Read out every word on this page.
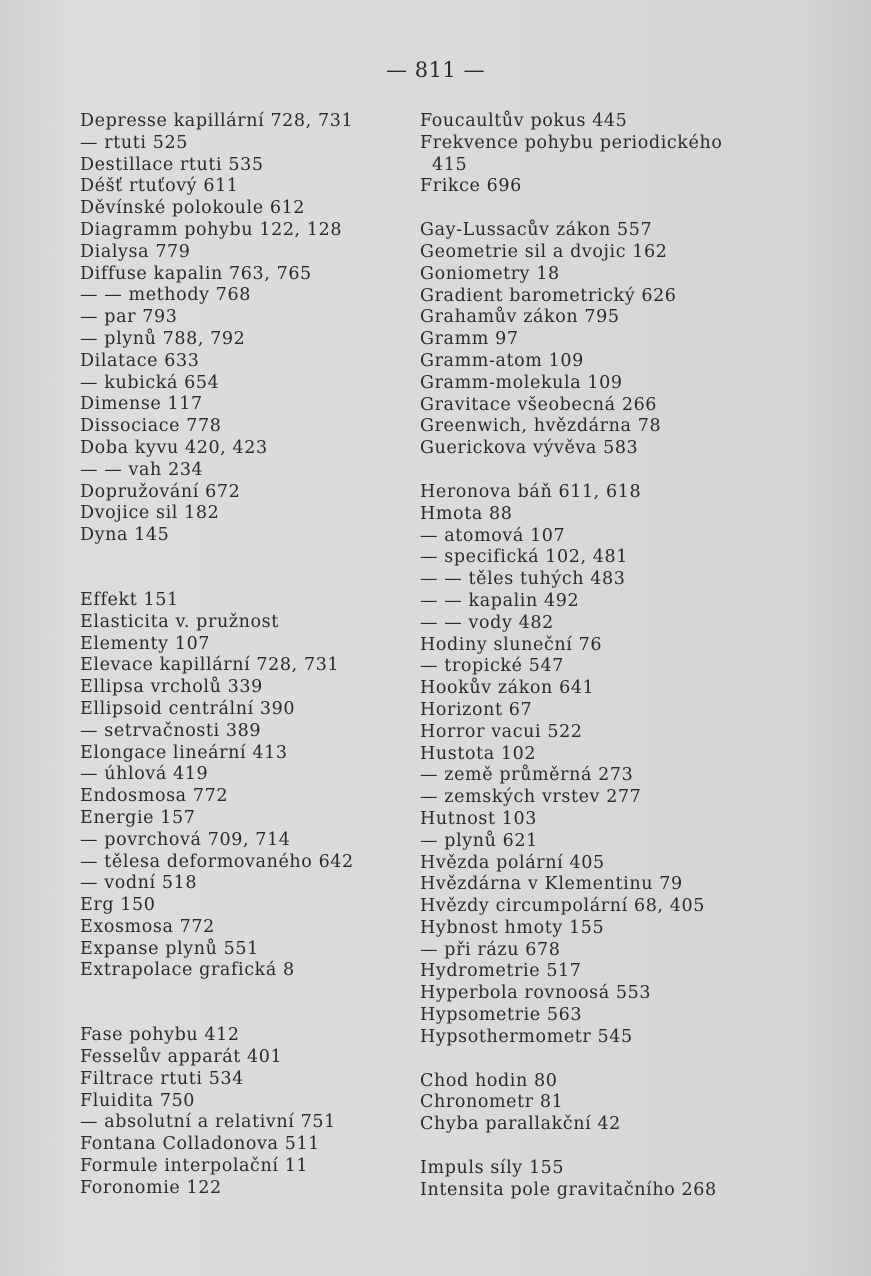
— 811 —
Depresse kapillární 728, 731
— rtuti 525
Destillace rtuti 535
Déšť rtuťový 611
Děvínské polokoule 612
Diagramm pohybu 122, 128
Dialysa 779
Diffuse kapalin 763, 765
— — methody 768
— par 793
— plynů 788, 792
Dilatace 633
— kubická 654
Dimense 117
Dissociace 778
Doba kyvu 420, 423
— — vah 234
Dopružování 672
Dvojice sil 182
Dyna 145
Effekt 151
Elasticita v. pružnost
Elementy 107
Elevace kapillární 728, 731
Ellipsa vrcholů 339
Ellipsoid centrální 390
— setrvačnosti 389
Elongace lineární 413
— úhlová 419
Endosmosa 772
Energie 157
— povrchová 709, 714
— tělesa deformovaného 642
— vodní 518
Erg 150
Exosmosa 772
Expanse plynů 551
Extrapolace grafická 8
Fase pohybu 412
Fesselův apparát 401
Filtrace rtuti 534
Fluidita 750
— absolutní a relativní 751
Fontana Colladonova 511
Formule interpolační 11
Foronomie 122
Foucaultův pokus 445
Frekvence pohybu periodického
415
Frikce 696
Gay-Lussacův zákon 557
Geometrie sil a dvojic 162
Goniometry 18
Gradient barometrický 626
Grahamův zákon 795
Gramm 97
Gramm-atom 109
Gramm-molekula 109
Gravitace všeobecná 266
Greenwich, hvězdárna 78
Guerickova vývěva 583
Heronova báň 611, 618
Hmota 88
— atomová 107
— specifická 102, 481
— — těles tuhých 483
— — kapalin 492
— — vody 482
Hodiny sluneční 76
— tropické 547
Hookův zákon 641
Horizont 67
Horror vacui 522
Hustota 102
— země průměrná 273
— zemských vrstev 277
Hutnost 103
— plynů 621
Hvězda polární 405
Hvězdárna v Klementinu 79
Hvězdy circumpolární 68, 405
Hybnost hmoty 155
— při rázu 678
Hydrometrie 517
Hyperbola rovnoosá 553
Hypsometrie 563
Hypsothermometr 545
Chod hodin 80
Chronometr 81
Chyba parallakční 42
Impuls síly 155
Intensita pole gravitačního 268
